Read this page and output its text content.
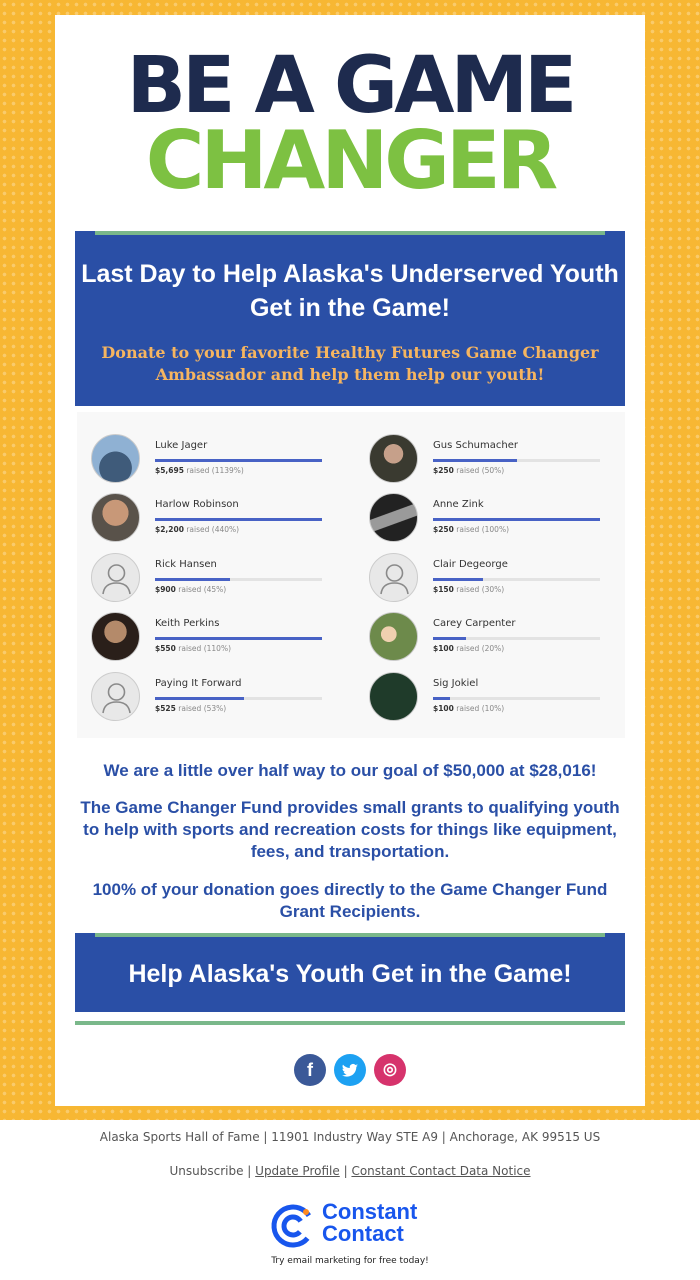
BE A GAME
CHANGER
Last Day to Help Alaska's Underserved Youth Get in the Game!
Donate to your favorite Healthy Futures Game Changer Ambassador and help them help our youth!
Luke Jager
$5,695 raised (1139%)
Gus Schumacher
$250 raised (50%)
Harlow Robinson
$2,200 raised (440%)
Anne Zink
$250 raised (100%)
Rick Hansen
$900 raised (45%)
Clair Degeorge
$150 raised (30%)
Keith Perkins
$550 raised (110%)
Carey Carpenter
$100 raised (20%)
Paying It Forward
$525 raised (53%)
Sig Jokiel
$100 raised (10%)
We are a little over half way to our goal of $50,000 at $28,016!
The Game Changer Fund provides small grants to qualifying youth to help with sports and recreation costs for things like equipment, fees, and transportation.
100% of your donation goes directly to the Game Changer Fund Grant Recipients.
Help Alaska's Youth Get in the Game!
f	◎
Alaska Sports Hall of Fame | 11901 Industry Way STE A9 | Anchorage, AK 99515 US
Unsubscribe | Update Profile | Constant Contact Data Notice
Constant
Contact
Try email marketing for free today!
